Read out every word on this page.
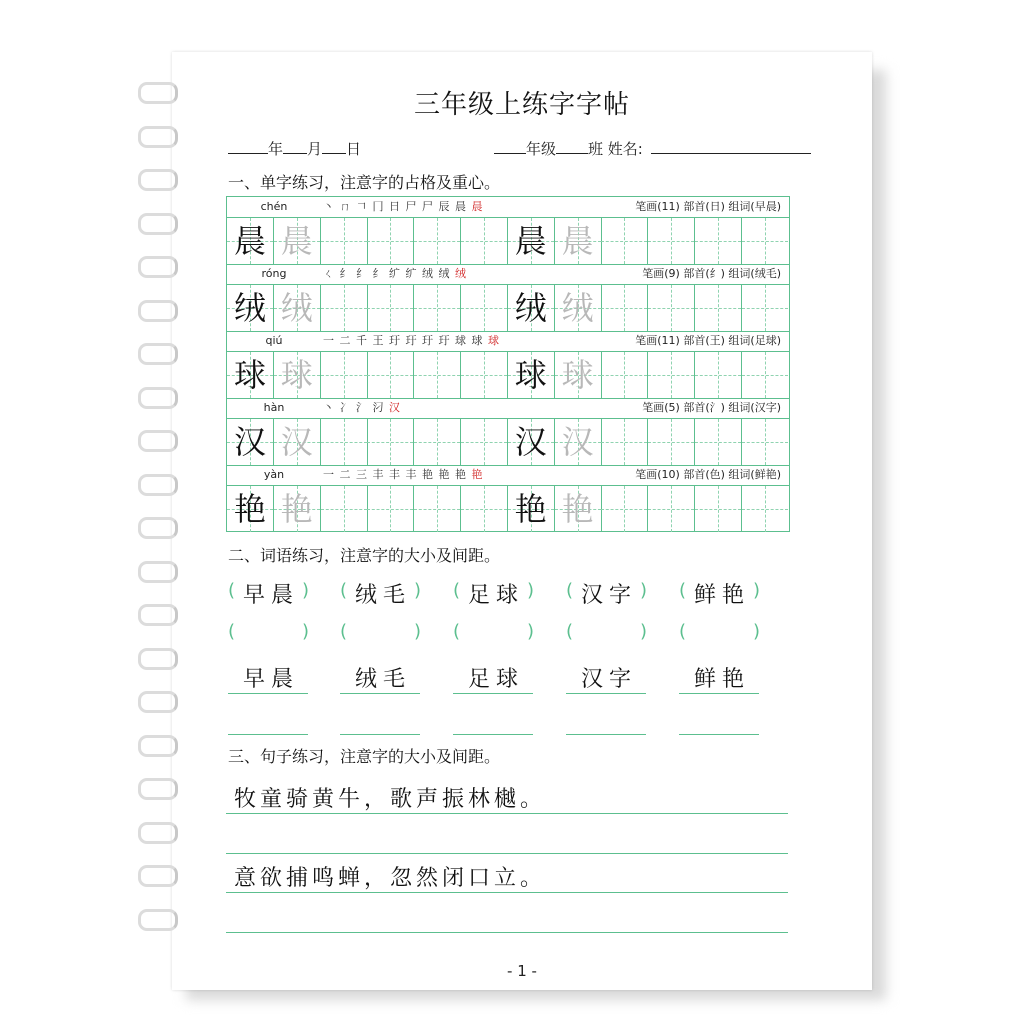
三年级上练字字帖
年 月 日	年级 班 姓名:
一、单字练习，注意字的占格及重心。
chén	丶 ㄇ 𠃍 冂 日 尸 尸 辰 晨 晨	笔画(11) 部首(日) 组词(早晨)
晨 晨	晨 晨
róng	ㄑ 纟 纟 纟 纩 纩 绒 绒 绒	笔画(9) 部首(纟) 组词(绒毛)
绒 绒	绒 绒
qiú	一 二 千 王 玗 玗 玗 玗 球 球 球	笔画(11) 部首(王) 组词(足球)
球 球	球 球
hàn	丶 冫 氵 汈 汉	笔画(5) 部首(氵) 组词(汉字)
汉 汉	汉 汉
yàn	一 二 三 丰 丰 丰 艳 艳 艳 艳	笔画(10) 部首(色) 组词(鲜艳)
艳 艳	艳 艳
二、词语练习，注意字的大小及间距。
( 早晨 )
(	)
早晨
( 绒毛 )
(	)
绒毛
( 足球 )
(	)
足球
( 汉字 )
(	)
汉字
( 鲜艳 )
(	)
鲜艳
三、句子练习，注意字的大小及间距。
牧童骑黄牛，歌声振林樾。
意欲捕鸣蝉，忽然闭口立。
- 1 -
